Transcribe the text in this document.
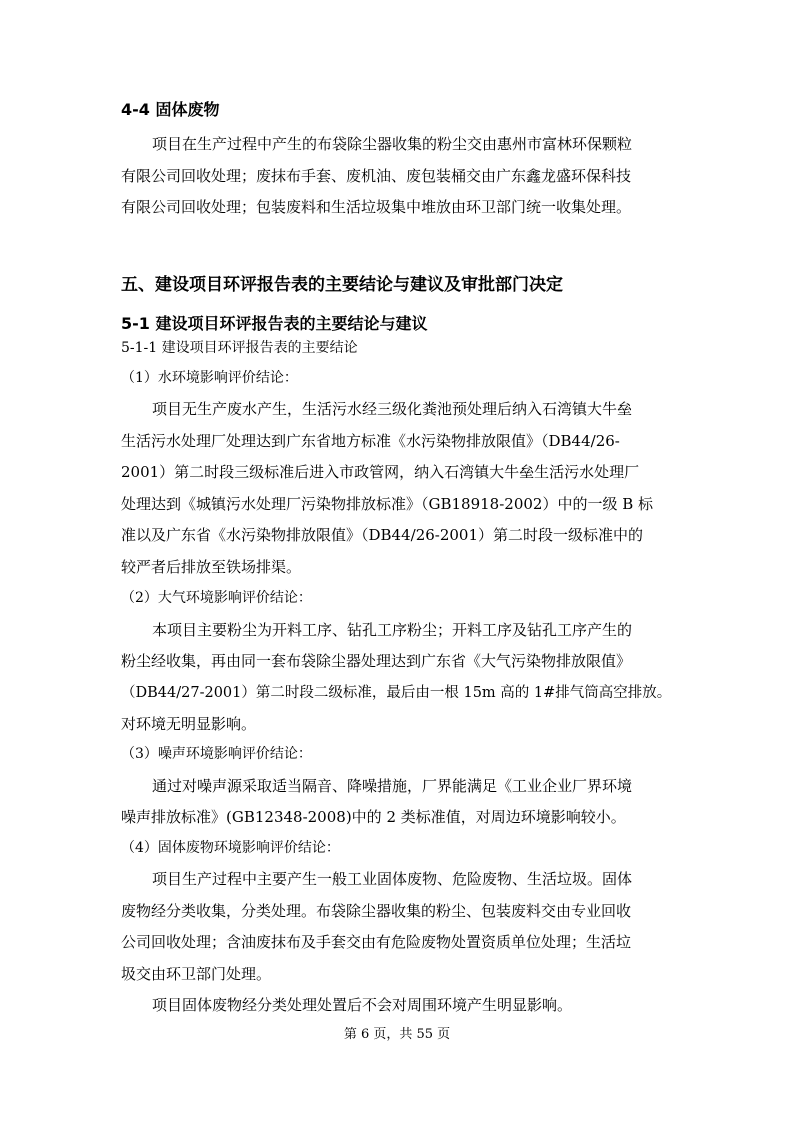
4-4 固体废物
项目在生产过程中产生的布袋除尘器收集的粉尘交由惠州市富林环保颗粒
有限公司回收处理；废抹布手套、废机油、废包装桶交由广东鑫龙盛环保科技
有限公司回收处理；包装废料和生活垃圾集中堆放由环卫部门统一收集处理。
五、建设项目环评报告表的主要结论与建议及审批部门决定
5-1 建设项目环评报告表的主要结论与建议
5-1-1 建设项目环评报告表的主要结论
（1）水环境影响评价结论：
项目无生产废水产生，生活污水经三级化粪池预处理后纳入石湾镇大牛垒
生活污水处理厂处理达到广东省地方标准《水污染物排放限值》（DB44/26-
2001）第二时段三级标准后进入市政管网，纳入石湾镇大牛垒生活污水处理厂
处理达到《城镇污水处理厂污染物排放标准》（GB18918-2002）中的一级 B 标
准以及广东省《水污染物排放限值》（DB44/26-2001）第二时段一级标准中的
较严者后排放至铁场排渠。
（2）大气环境影响评价结论：
本项目主要粉尘为开料工序、钻孔工序粉尘；开料工序及钻孔工序产生的
粉尘经收集，再由同一套布袋除尘器处理达到广东省《大气污染物排放限值》
（DB44/27-2001）第二时段二级标准，最后由一根 15m 高的 1#排气筒高空排放。
对环境无明显影响。
（3）噪声环境影响评价结论：
通过对噪声源采取适当隔音、降噪措施，厂界能满足《工业企业厂界环境
噪声排放标准》(GB12348-2008)中的 2 类标准值，对周边环境影响较小。
（4）固体废物环境影响评价结论：
项目生产过程中主要产生一般工业固体废物、危险废物、生活垃圾。固体
废物经分类收集，分类处理。布袋除尘器收集的粉尘、包装废料交由专业回收
公司回收处理；含油废抹布及手套交由有危险废物处置资质单位处理；生活垃
圾交由环卫部门处理。
项目固体废物经分类处理处置后不会对周围环境产生明显影响。
第 6 页，共 55 页
